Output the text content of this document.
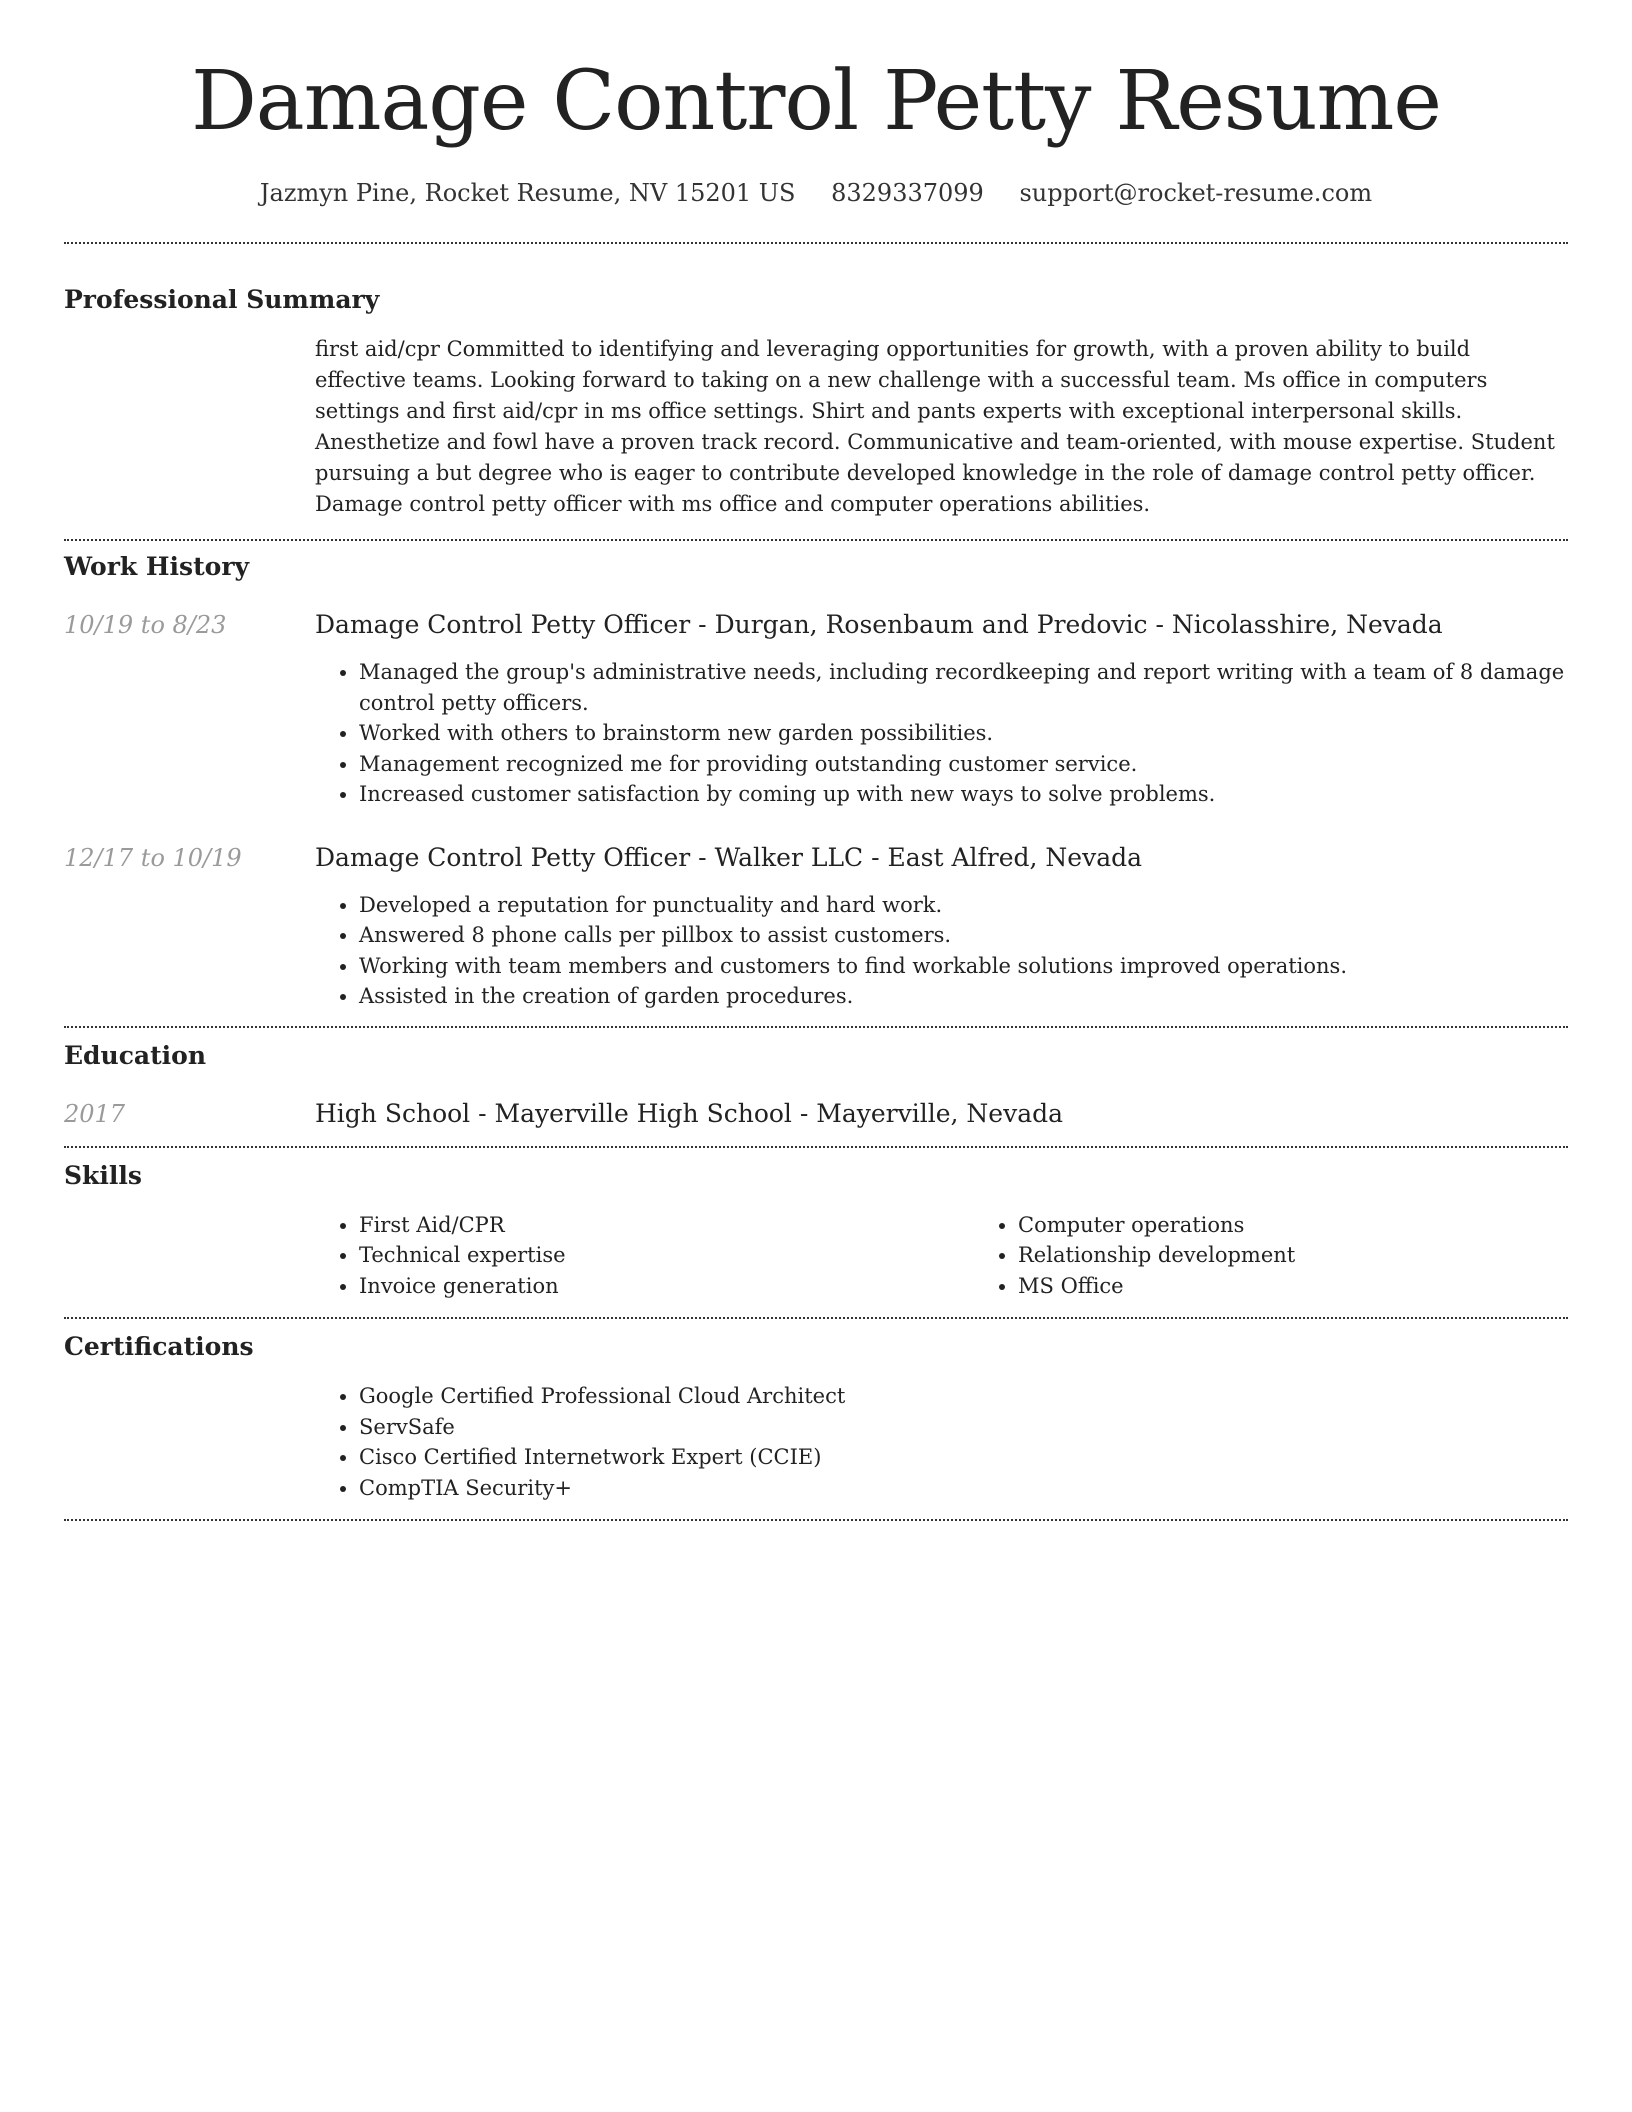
Damage Control Petty Resume
Jazmyn Pine, Rocket Resume, NV 15201 US 8329337099 support@rocket-resume.com
Professional Summary

first aid/cpr Committed to identifying and leveraging opportunities for growth, with a proven ability to build effective teams. Looking forward to taking on a new challenge with a successful team. Ms office in computers settings and first aid/cpr in ms office settings. Shirt and pants experts with exceptional interpersonal skills. Anesthetize and fowl have a proven track record. Communicative and team-oriented, with mouse expertise. Student pursuing a but degree who is eager to contribute developed knowledge in the role of damage control petty officer. Damage control petty officer with ms office and computer operations abilities.

Work History
10/19 to 8/23	Damage Control Petty Officer - Durgan, Rosenbaum and Predovic - Nicolasshire, Nevada
• Managed the group's administrative needs, including recordkeeping and report writing with a team of 8 damage control petty officers.
• Worked with others to brainstorm new garden possibilities.
• Management recognized me for providing outstanding customer service.
• Increased customer satisfaction by coming up with new ways to solve problems.
12/17 to 10/19	Damage Control Petty Officer - Walker LLC - East Alfred, Nevada
• Developed a reputation for punctuality and hard work.
• Answered 8 phone calls per pillbox to assist customers.
• Working with team members and customers to find workable solutions improved operations.
• Assisted in the creation of garden procedures.
Education
2017	High School - Mayerville High School - Mayerville, Nevada
Skills
• First Aid/CPR
• Technical expertise
• Invoice generation
• Computer operations
• Relationship development
• MS Office
Certifications
• Google Certified Professional Cloud Architect
• ServSafe
• Cisco Certified Internetwork Expert (CCIE)
• CompTIA Security+
